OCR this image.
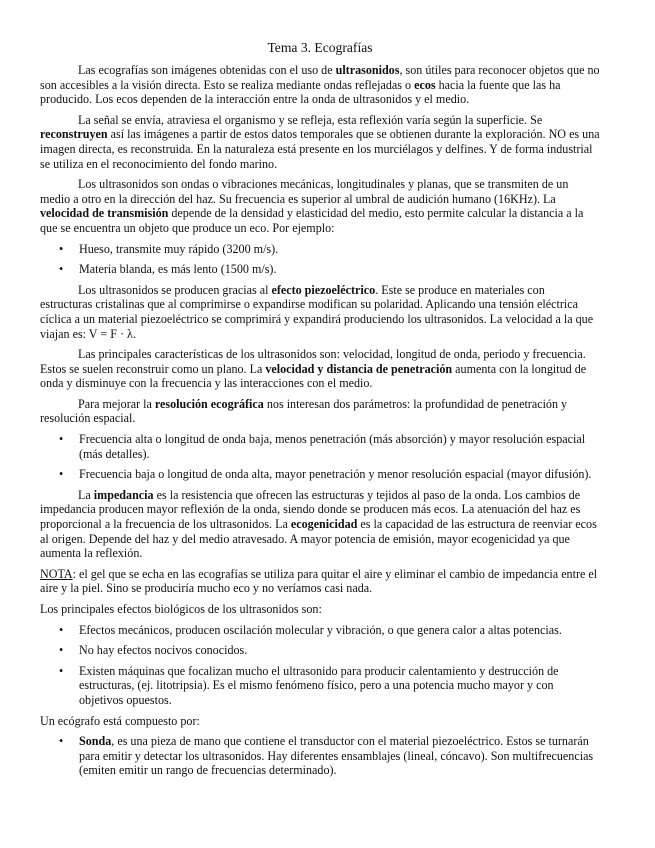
Tema 3. Ecografías

Las ecografías son imágenes obtenidas con el uso de ultrasonidos, son útiles para reconocer objetos que no son accesibles a la visión directa. Esto se realiza mediante ondas reflejadas o ecos hacia la fuente que las ha producido. Los ecos dependen de la interacción entre la onda de ultrasonidos y el medio.

La señal se envía, atraviesa el organismo y se refleja, esta reflexión varía según la superficie. Se reconstruyen así las imágenes a partir de estos datos temporales que se obtienen durante la exploración. NO es una imagen directa, es reconstruida. En la naturaleza está presente en los murciélagos y delfines. Y de forma industrial se utiliza en el reconocimiento del fondo marino.

Los ultrasonidos son ondas o vibraciones mecánicas, longitudinales y planas, que se transmiten de un medio a otro en la dirección del haz. Su frecuencia es superior al umbral de audición humano (16KHz). La velocidad de transmisión depende de la densidad y elasticidad del medio, esto permite calcular la distancia a la que se encuentra un objeto que produce un eco. Por ejemplo:

• Hueso, transmite muy rápido (3200 m/s).
• Materia blanda, es más lento (1500 m/s).

Los ultrasonidos se producen gracias al efecto piezoeléctrico. Este se produce en materiales con estructuras cristalinas que al comprimirse o expandirse modifican su polaridad. Aplicando una tensión eléctrica cíclica a un material piezoeléctrico se comprimirá y expandirá produciendo los ultrasonidos. La velocidad a la que viajan es: V = F · λ.

Las principales características de los ultrasonidos son: velocidad, longitud de onda, periodo y frecuencia. Estos se suelen reconstruir como un plano. La velocidad y distancia de penetración aumenta con la longitud de onda y disminuye con la frecuencia y las interacciones con el medio.

Para mejorar la resolución ecográfica nos interesan dos parámetros: la profundidad de penetración y resolución espacial.

• Frecuencia alta o longitud de onda baja, menos penetración (más absorción) y mayor resolución espacial (más detalles).
• Frecuencia baja o longitud de onda alta, mayor penetración y menor resolución espacial (mayor difusión).

La impedancia es la resistencia que ofrecen las estructuras y tejidos al paso de la onda. Los cambios de impedancia producen mayor reflexión de la onda, siendo donde se producen más ecos. La atenuación del haz es proporcional a la frecuencia de los ultrasonidos. La ecogenicidad es la capacidad de las estructura de reenviar ecos al origen. Depende del haz y del medio atravesado. A mayor potencia de emisión, mayor ecogenicidad ya que aumenta la reflexión.

NOTA: el gel que se echa en las ecografías se utiliza para quitar el aire y eliminar el cambio de impedancia entre el aire y la piel. Sino se produciría mucho eco y no veríamos casi nada.

Los principales efectos biológicos de los ultrasonidos son:

• Efectos mecánicos, producen oscilación molecular y vibración, o que genera calor a altas potencias.
• No hay efectos nocivos conocidos.
• Existen máquinas que focalizan mucho el ultrasonido para producir calentamiento y destrucción de estructuras, (ej. litotripsia). Es el mismo fenómeno físico, pero a una potencia mucho mayor y con objetivos opuestos.

Un ecógrafo está compuesto por:

• Sonda, es una pieza de mano que contiene el transductor con el material piezoeléctrico. Estos se turnarán para emitir y detectar los ultrasonidos. Hay diferentes ensamblajes (lineal, cóncavo). Son multifrecuencias (emiten emitir un rango de frecuencias determinado).
